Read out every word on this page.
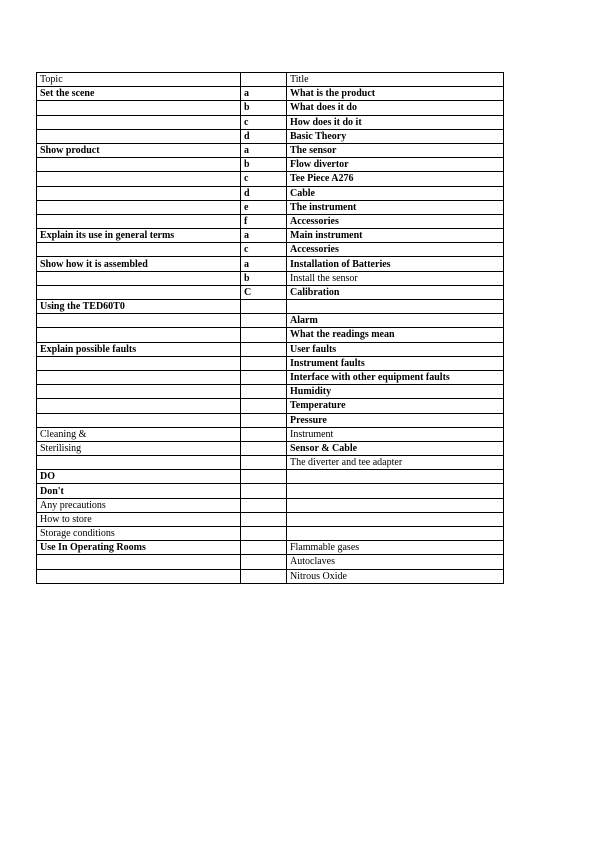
Topic		Title
Set the scene	a	What is the product
	b	What does it do
	c	How does it do it
	d	Basic Theory
Show product	a	The sensor
	b	Flow divertor
	c	Tee Piece A276
	d	Cable
	e	The instrument
	f	Accessories
Explain its use in general terms	a	Main instrument
	c	Accessories
Show how it is assembled	a	Installation of Batteries
	b	Install the sensor
	C	Calibration
Using the TED60T0		
		Alarm
		What the readings mean
Explain possible faults		User faults
		Instrument faults
		Interface with other equipment faults
		Humidity
		Temperature
		Pressure
Cleaning &		Instrument
Sterilising		Sensor & Cable
		The diverter and tee adapter
DO		
Don't		
Any precautions		
How to store		
Storage conditions		
Use In Operating Rooms		Flammable gases
		Autoclaves
		Nitrous Oxide
